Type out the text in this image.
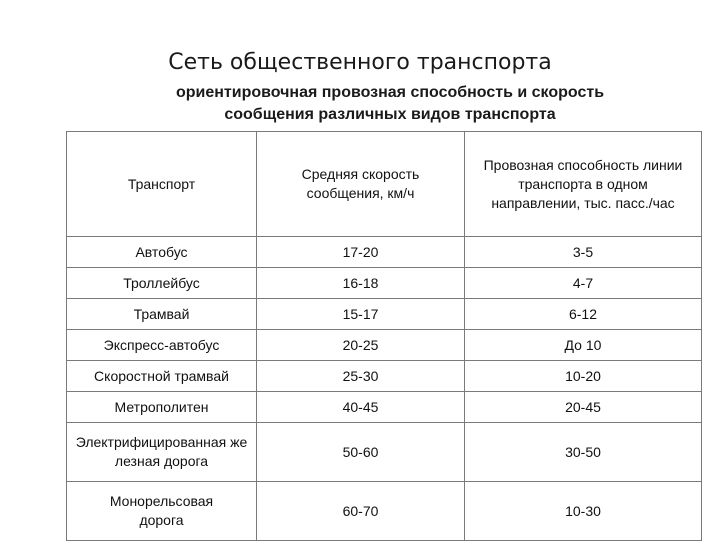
Сеть общественного транспорта
ориентировочная провозная способность и скорость
сообщения различных видов транспорта
Транспорт	Средняя скорость сообщения, км/ч	Провозная способность линии транспорта в одном направлении, тыс. пасс./час
Автобус	17-20	3-5
Троллейбус	16-18	4-7
Трамвай	15-17	6-12
Экспресс-автобус	20-25	До 10
Скоростной трамвай	25-30	10-20
Метрополитен	40-45	20-45
Электрифицированная железная дорога	50-60	30-50
Монорельсовая дорога	60-70	10-30
